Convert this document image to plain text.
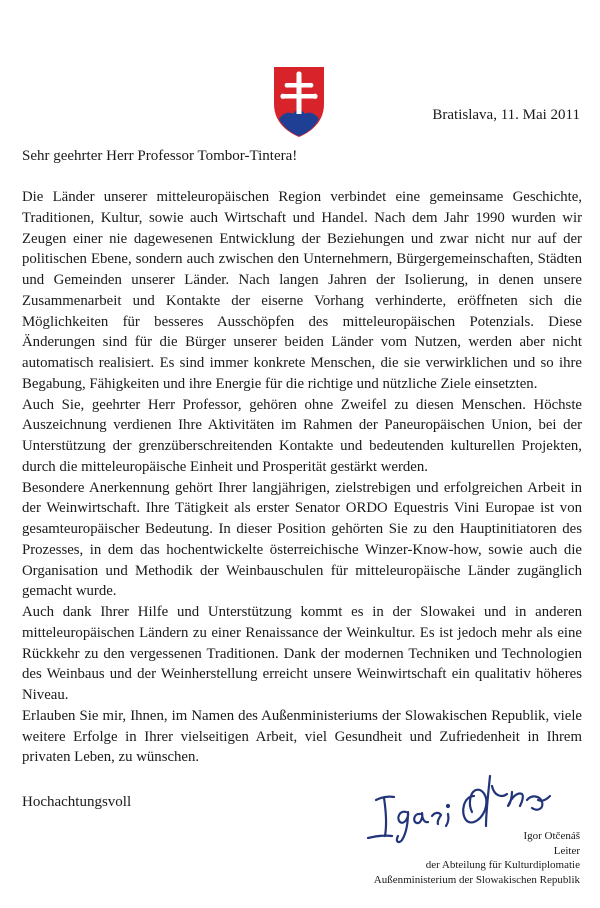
Bratislava, 11. Mai 2011
Sehr geehrter Herr Professor Tombor-Tintera!

Die Länder unserer mitteleuropäischen Region verbindet eine gemeinsame Geschichte, Traditionen, Kultur, sowie auch Wirtschaft und Handel. Nach dem Jahr 1990 wurden wir Zeugen einer nie dagewesenen Entwicklung der Beziehungen und zwar nicht nur auf der politischen Ebene, sondern auch zwischen den Unternehmern, Bürgergemeinschaften, Städten und Gemeinden unserer Länder. Nach langen Jahren der Isolierung, in denen unsere Zusammenarbeit und Kontakte der eiserne Vorhang verhinderte, eröffneten sich die Möglichkeiten für besseres Ausschöpfen des mitteleuropäischen Potenzials. Diese Änderungen sind für die Bürger unserer beiden Länder vom Nutzen, werden aber nicht automatisch realisiert. Es sind immer konkrete Menschen, die sie verwirklichen und so ihre Begabung, Fähigkeiten und ihre Energie für die richtige und nützliche Ziele einsetzten.

Auch Sie, geehrter Herr Professor, gehören ohne Zweifel zu diesen Menschen. Höchste Auszeichnung verdienen Ihre Aktivitäten im Rahmen der Paneuropäischen Union, bei der Unterstützung der grenzüberschreitenden Kontakte und bedeutenden kulturellen Projekten, durch die mitteleuropäische Einheit und Prosperität gestärkt werden.

Besondere Anerkennung gehört Ihrer langjährigen, zielstrebigen und erfolgreichen Arbeit in der Weinwirtschaft. Ihre Tätigkeit als erster Senator ORDO Equestris Vini Europae ist von gesamteuropäischer Bedeutung. In dieser Position gehörten Sie zu den Hauptinitiatoren des Prozesses, in dem das hochentwickelte österreichische Winzer-Know-how, sowie auch die Organisation und Methodik der Weinbauschulen für mitteleuropäische Länder zugänglich gemacht wurde.

Auch dank Ihrer Hilfe und Unterstützung kommt es in der Slowakei und in anderen mitteleuropäischen Ländern zu einer Renaissance der Weinkultur. Es ist jedoch mehr als eine Rückkehr zu den vergessenen Traditionen. Dank der modernen Techniken und Technologien des Weinbaus und der Weinherstellung erreicht unsere Weinwirtschaft ein qualitativ höheres Niveau.

Erlauben Sie mir, Ihnen, im Namen des Außenministeriums der Slowakischen Republik, viele weitere Erfolge in Ihrer vielseitigen Arbeit, viel Gesundheit und Zufriedenheit in Ihrem privaten Leben, zu wünschen.

Hochachtungsvoll
Igor Otčenáš
Leiter
der Abteilung für Kulturdiplomatie
Außenministerium der Slowakischen Republik
